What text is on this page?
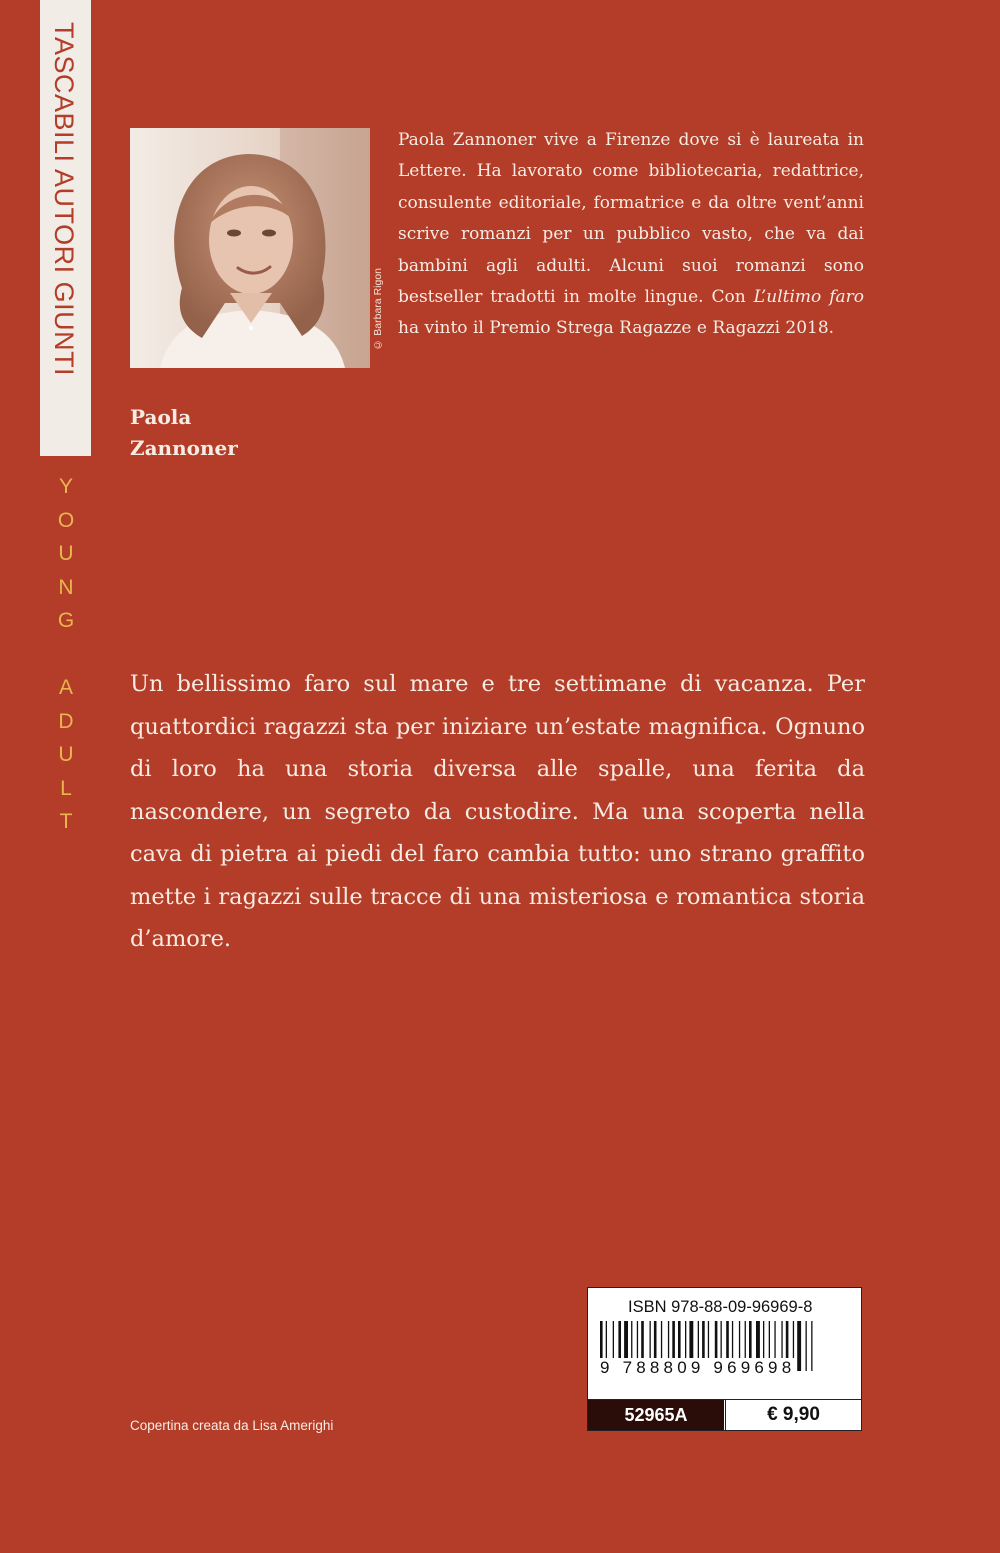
TASCABILI AUTORI GIUNTI
Y
O
U
N
G
A
D
U
L
T
© Barbara Rigon
Paola Zannoner vive a Firenze dove si è laureata in Lettere. Ha lavorato come bibliotecaria, redattrice, consulente editoriale, formatrice e da oltre vent’anni scrive romanzi per un pubblico vasto, che va dai bambini agli adulti. Alcuni suoi romanzi sono bestseller tradotti in molte lingue. Con L’ultimo faro ha vinto il Premio Strega Ragazze e Ragazzi 2018.
Paola
Zannoner

Un bellissimo faro sul mare e tre settimane di vacanza. Per quattordici ragazzi sta per iniziare un’estate magnifica. Ognuno di loro ha una storia diversa alle spalle, una ferita da nascondere, un segreto da custodire. Ma una scoperta nella cava di pietra ai piedi del faro cambia tutto: uno strano graffito mette i ragazzi sulle tracce di una misteriosa e romantica storia d’amore.

Copertina creata da Lisa Amerighi
ISBN 978-88-09-96969-8
9 788809 969698
52965A	€ 9,90
